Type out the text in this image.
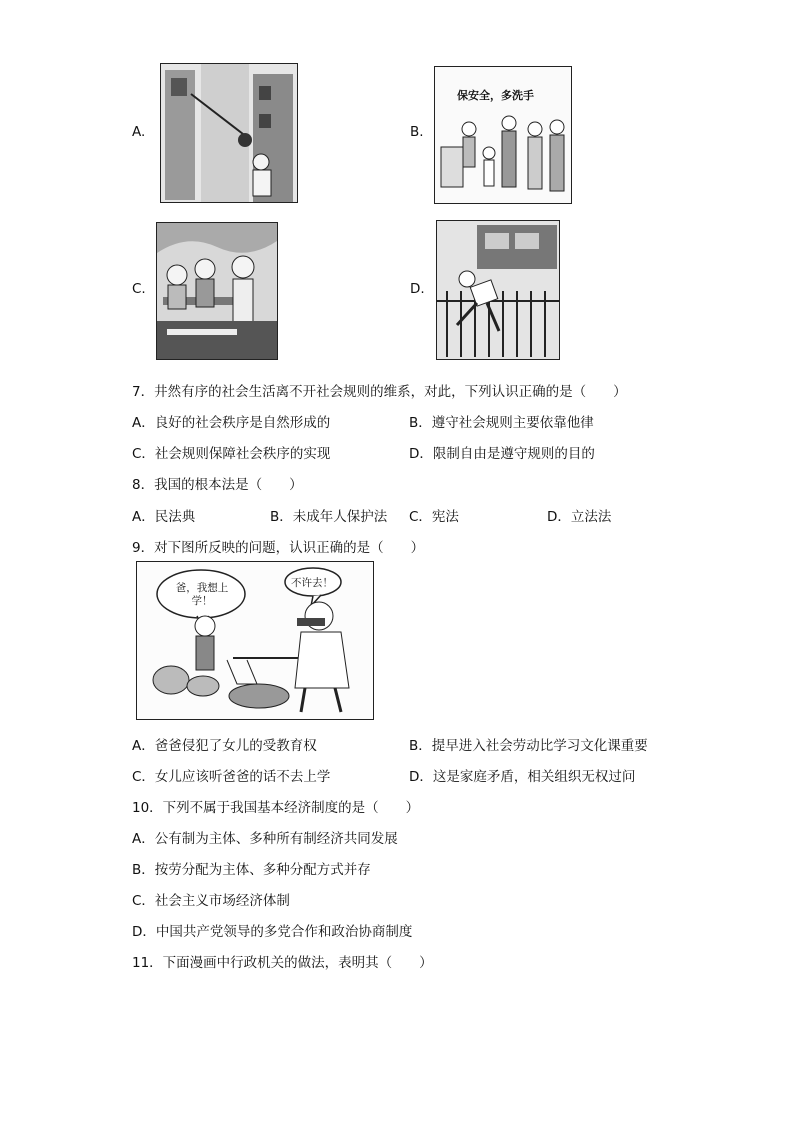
A.	B.
保安全，多洗手
C.	D.
7．井然有序的社会生活离不开社会规则的维系，对此，下列认识正确的是（　　）
A．良好的社会秩序是自然形成的	B．遵守社会规则主要依靠他律
C．社会规则保障社会秩序的实现	D．限制自由是遵守规则的目的
8．我国的根本法是（　　）
A．民法典	B．未成年人保护法 C．宪法	D．立法法
9．对下图所反映的问题，认识正确的是（　　）
爸，我想上学！
不许去！
A．爸爸侵犯了女儿的受教育权	B．提早进入社会劳动比学习文化课重要
C．女儿应该听爸爸的话不去上学	D．这是家庭矛盾，相关组织无权过问
10．下列不属于我国基本经济制度的是（　　）
A．公有制为主体、多种所有制经济共同发展
B．按劳分配为主体、多种分配方式并存
C．社会主义市场经济体制
D．中国共产党领导的多党合作和政治协商制度
11．下面漫画中行政机关的做法，表明其（　　）
